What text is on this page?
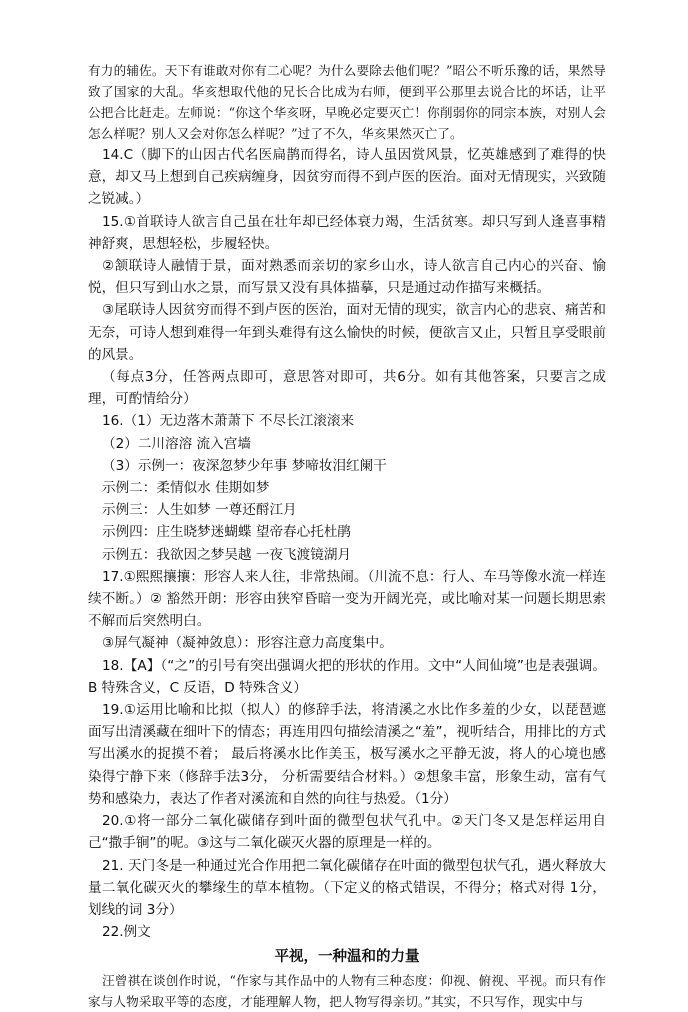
有力的辅佐。天下有谁敢对你有二心呢？为什么要除去他们呢？”昭公不听乐豫的话，果然导致了国家的大乱。华亥想取代他的兄长合比成为右师，便到平公那里去说合比的坏话，让平公把合比赶走。左师说：“你这个华亥呀，早晚必定要灭亡！你削弱你的同宗本族，对别人会怎么样呢？别人又会对你怎么样呢？”过了不久，华亥果然灭亡了。

14.C（脚下的山因古代名医扁鹊而得名，诗人虽因赏风景，忆英雄感到了难得的快意，却又马上想到自己疾病缠身，因贫穷而得不到卢医的医治。面对无情现实，兴致随之锐减。）

15.①首联诗人欲言自己虽在壮年却已经体衰力竭，生活贫寒。却只写到人逢喜事精神舒爽，思想轻松，步履轻快。

②颔联诗人融情于景，面对熟悉而亲切的家乡山水，诗人欲言自己内心的兴奋、愉悦，但只写到山水之景，而写景又没有具体描摹，只是通过动作描写来概括。

③尾联诗人因贫穷而得不到卢医的医治，面对无情的现实，欲言内心的悲哀、痛苦和无奈，可诗人想到难得一年到头难得有这么愉快的时候，便欲言又止，只暂且享受眼前的风景。

（每点3分，任答两点即可，意思答对即可，共6分。如有其他答案，只要言之成理，可酌情给分）

16.（1）无边落木萧萧下 不尽长江滚滚来

（2）二川溶溶 流入宫墙

（3）示例一：夜深忽梦少年事 梦啼妆泪红阑干

示例二：柔情似水 佳期如梦

示例三：人生如梦 一尊还酹江月

示例四：庄生晓梦迷蝴蝶 望帝春心托杜鹃

示例五：我欲因之梦吴越 一夜飞渡镜湖月

17.①熙熙攘攘：形容人来人往，非常热闹。（川流不息：行人、车马等像水流一样连续不断。）② 豁然开朗：形容由狭窄昏暗一变为开阔光亮，或比喻对某一问题长期思索不解而后突然明白。

③屏气凝神（凝神敛息）：形容注意力高度集中。

18.【A】（“之”的引号有突出强调火把的形状的作用。文中“人间仙境”也是表强调。B 特殊含义，C 反语，D 特殊含义）

19.①运用比喻和比拟（拟人）的修辞手法，将清溪之水比作多羞的少女，以琵琶遮面写出清溪藏在细叶下的情态；再连用四句描绘清溪之“羞”，视听结合，用排比的方式写出溪水的捉摸不着； 最后将溪水比作美玉，极写溪水之平静无波，将人的心境也感染得宁静下来（修辞手法3分， 分析需要结合材料。）②想象丰富，形象生动，富有气势和感染力，表达了作者对溪流和自然的向往与热爱。（1分）

20.①将一部分二氧化碳储存到叶面的微型包状气孔中。②天门冬又是怎样运用自己“撒手锏”的呢。③这与二氧化碳灭火器的原理是一样的。

21. 天门冬是一种通过光合作用把二氧化碳储存在叶面的微型包状气孔，遇火释放大量二氧化碳灭火的攀缘生的草本植物。（下定义的格式错误，不得分；格式对得 1分，划线的词 3分）

22.例文

平视，一种温和的力量

汪曾祺在谈创作时说，“作家与其作品中的人物有三种态度：仰视、俯视、平视。而只有作家与人物采取平等的态度，才能理解人物，把人物写得亲切。”其实，不只写作，现实中与
